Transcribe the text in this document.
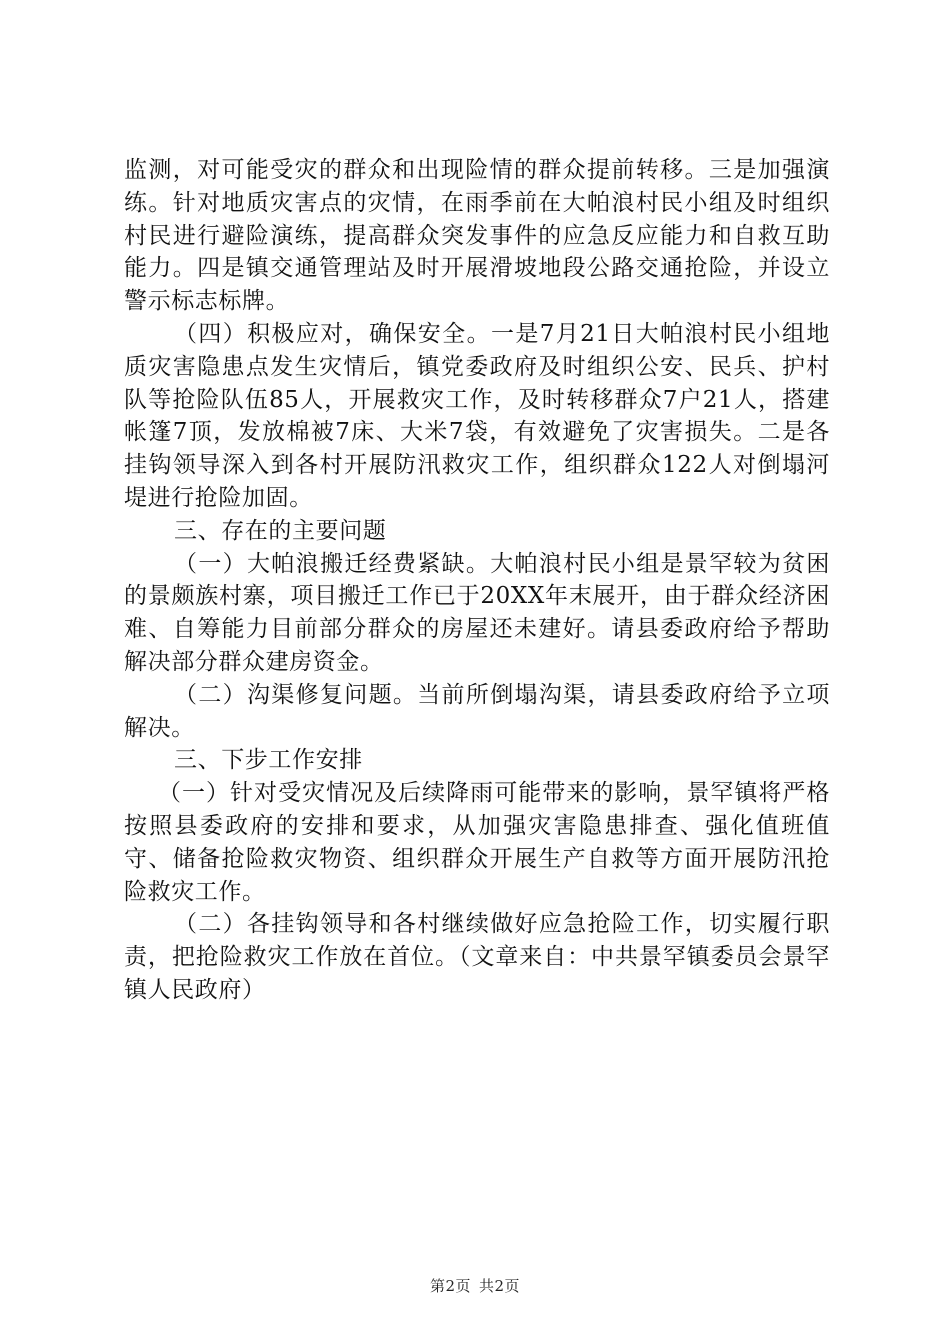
监测，对可能受灾的群众和出现险情的群众提前转移。三是加强演练。针对地质灾害点的灾情，在雨季前在大帕浪村民小组及时组织村民进行避险演练，提高群众突发事件的应急反应能力和自救互助能力。四是镇交通管理站及时开展滑坡地段公路交通抢险，并设立警示标志标牌。

（四）积极应对，确保安全。一是7月21日大帕浪村民小组地质灾害隐患点发生灾情后，镇党委政府及时组织公安、民兵、护村队等抢险队伍85人，开展救灾工作，及时转移群众7户21人，搭建帐篷7顶，发放棉被7床、大米7袋，有效避免了灾害损失。二是各挂钩领导深入到各村开展防汛救灾工作，组织群众122人对倒塌河堤进行抢险加固。

三、存在的主要问题

（一）大帕浪搬迁经费紧缺。大帕浪村民小组是景罕较为贫困的景颇族村寨，项目搬迁工作已于20XX年末展开，由于群众经济困难、自筹能力目前部分群众的房屋还未建好。请县委政府给予帮助解决部分群众建房资金。

（二）沟渠修复问题。当前所倒塌沟渠，请县委政府给予立项解决。

三、下步工作安排

（一）针对受灾情况及后续降雨可能带来的影响，景罕镇将严格按照县委政府的安排和要求，从加强灾害隐患排查、强化值班值守、储备抢险救灾物资、组织群众开展生产自救等方面开展防汛抢险救灾工作。

（二）各挂钩领导和各村继续做好应急抢险工作，切实履行职责，把抢险救灾工作放在首位。（文章来自：中共景罕镇委员会景罕镇人民政府）

第2页 共2页
